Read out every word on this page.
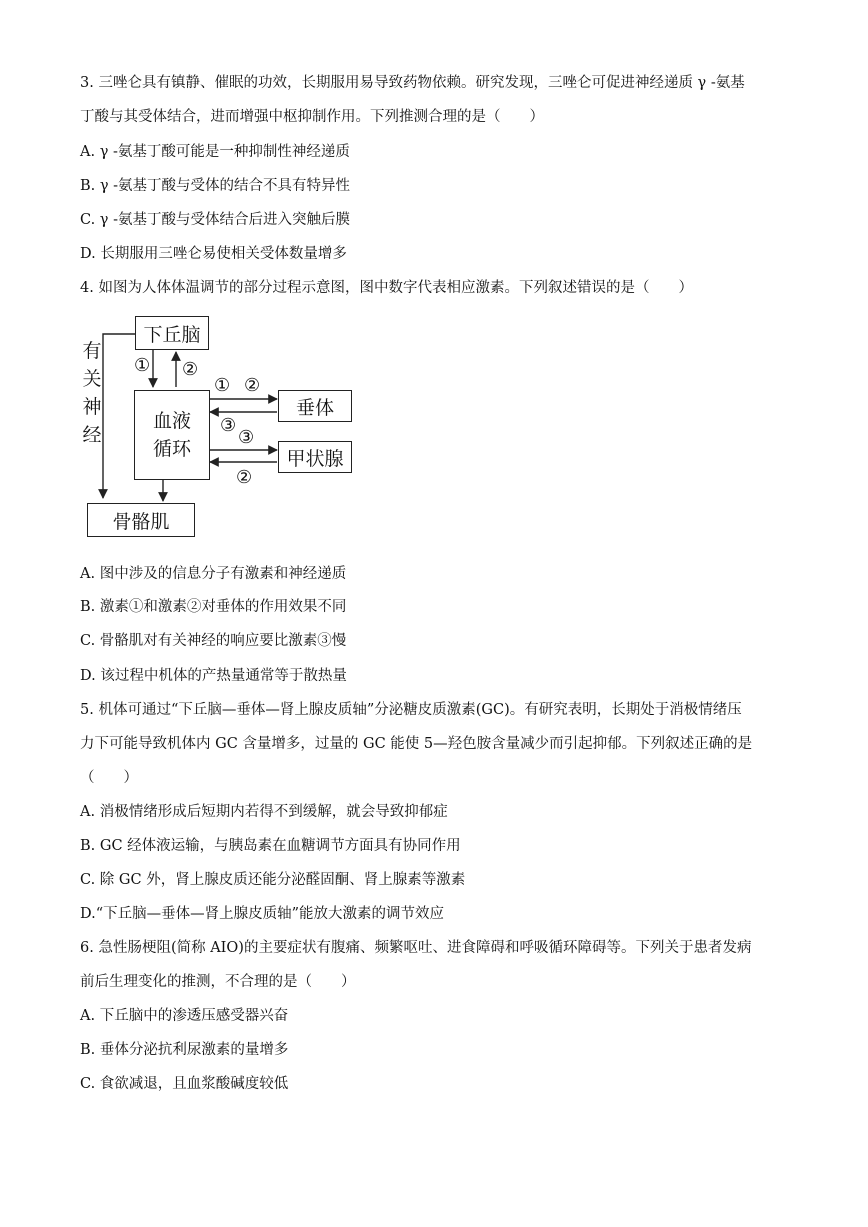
3. 三唑仑具有镇静、催眠的功效，长期服用易导致药物依赖。研究发现，三唑仑可促进神经递质 γ -氨基
丁酸与其受体结合，进而增强中枢抑制作用。下列推测合理的是（　　）
A. γ -氨基丁酸可能是一种抑制性神经递质
B. γ -氨基丁酸与受体的结合不具有特异性
C. γ -氨基丁酸与受体结合后进入突触后膜
D. 长期服用三唑仑易使相关受体数量增多
4. 如图为人体体温调节的部分过程示意图，图中数字代表相应激素。下列叙述错误的是（　　）
下丘脑
有
关
神
经
① ②
血液
循环
① ②
③
③
②
垂体
甲状腺
骨骼肌
A. 图中涉及的信息分子有激素和神经递质
B. 激素①和激素②对垂体的作用效果不同
C. 骨骼肌对有关神经的响应要比激素③慢
D. 该过程中机体的产热量通常等于散热量
5. 机体可通过“下丘脑—垂体—肾上腺皮质轴”分泌糖皮质激素(GC)。有研究表明，长期处于消极情绪压
力下可能导致机体内 GC 含量增多，过量的 GC 能使 5—羟色胺含量减少而引起抑郁。下列叙述正确的是
（　　）
A. 消极情绪形成后短期内若得不到缓解，就会导致抑郁症
B. GC 经体液运输，与胰岛素在血糖调节方面具有协同作用
C. 除 GC 外，肾上腺皮质还能分泌醛固酮、肾上腺素等激素
D.“下丘脑—垂体—肾上腺皮质轴”能放大激素的调节效应
6. 急性肠梗阻(简称 AIO)的主要症状有腹痛、频繁呕吐、进食障碍和呼吸循环障碍等。下列关于患者发病
前后生理变化的推测，不合理的是（　　）
A. 下丘脑中的渗透压感受器兴奋
B. 垂体分泌抗利尿激素的量增多
C. 食欲减退，且血浆酸碱度较低
